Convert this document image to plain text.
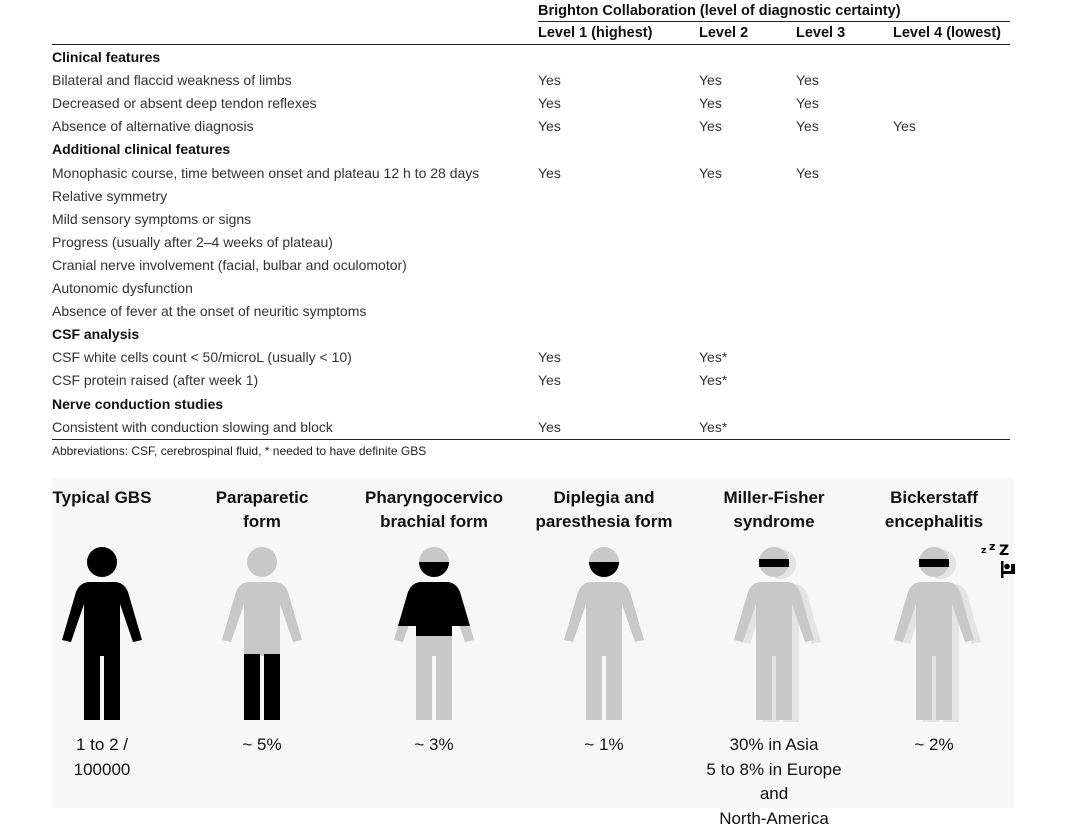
Brighton Collaboration (level of diagnostic certainty)
Level 1 (highest)	Level 2	Level 3	Level 4 (lowest)
Clinical features
Bilateral and flaccid weakness of limbs	Yes	Yes	Yes
Decreased or absent deep tendon reflexes	Yes	Yes	Yes
Absence of alternative diagnosis	Yes	Yes	Yes	Yes
Additional clinical features
Monophasic course, time between onset and plateau 12 h to 28 days	Yes	Yes	Yes
Relative symmetry
Mild sensory symptoms or signs
Progress (usually after 2–4 weeks of plateau)
Cranial nerve involvement (facial, bulbar and oculomotor)
Autonomic dysfunction
Absence of fever at the onset of neuritic symptoms
CSF analysis
CSF white cells count < 50/microL (usually < 10)	Yes	Yes*
CSF protein raised (after week 1)	Yes	Yes*
Nerve conduction studies
Consistent with conduction slowing and block	Yes	Yes*
Abbreviations: CSF, cerebrospinal fluid, * needed to have definite GBS
Typical GBS
1 to 2 /
100000
Paraparetic
form
~ 5%
Pharyngocervico
brachial form
~ 3%
Diplegia and
paresthesia form
~ 1%
Miller-Fisher
syndrome
30% in Asia
5 to 8% in Europe and
North-America
Bickerstaff
encephalitis
~ 2%
z z Z
